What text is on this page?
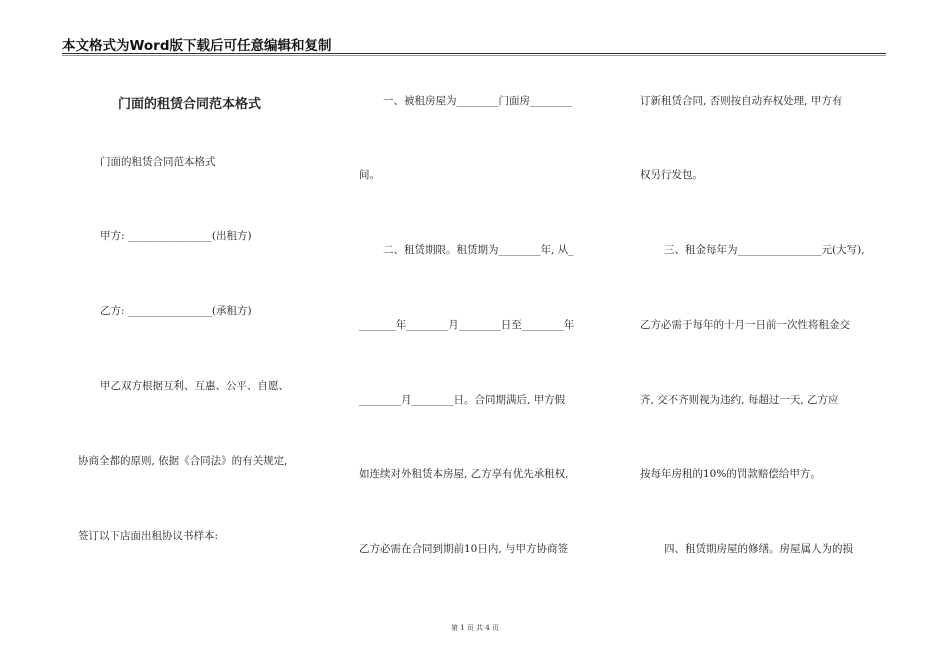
本文格式为Word版下载后可任意编辑和复制
门面的租赁合同范本格式
门面的租赁合同范本格式
甲方: ________________(出租方)
乙方: ________________(承租方)
甲乙双方根据互利、互惠、公平、自愿、
协商全都的原则, 依据《合同法》的有关规定,
签订以下店面出租协议书样本:
一、被租房屋为________门面房________
间。
二、租赁期限。租赁期为________年, 从_
_______年________月________日至________年
________月________日。合同期满后, 甲方假
如连续对外租赁本房屋, 乙方享有优先承租权,
乙方必需在合同到期前10日内, 与甲方协商签
订新租赁合同, 否则按自动弃权处理, 甲方有
权另行发包。
三、租金每年为________________元(大写),
乙方必需于每年的十月一日前一次性将租金交
齐, 交不齐则视为违约, 每超过一天, 乙方应
按每年房租的10%的罚款赔偿给甲方。
四、租赁期房屋的修缮。房屋属人为的损
第 1 页 共 4 页
